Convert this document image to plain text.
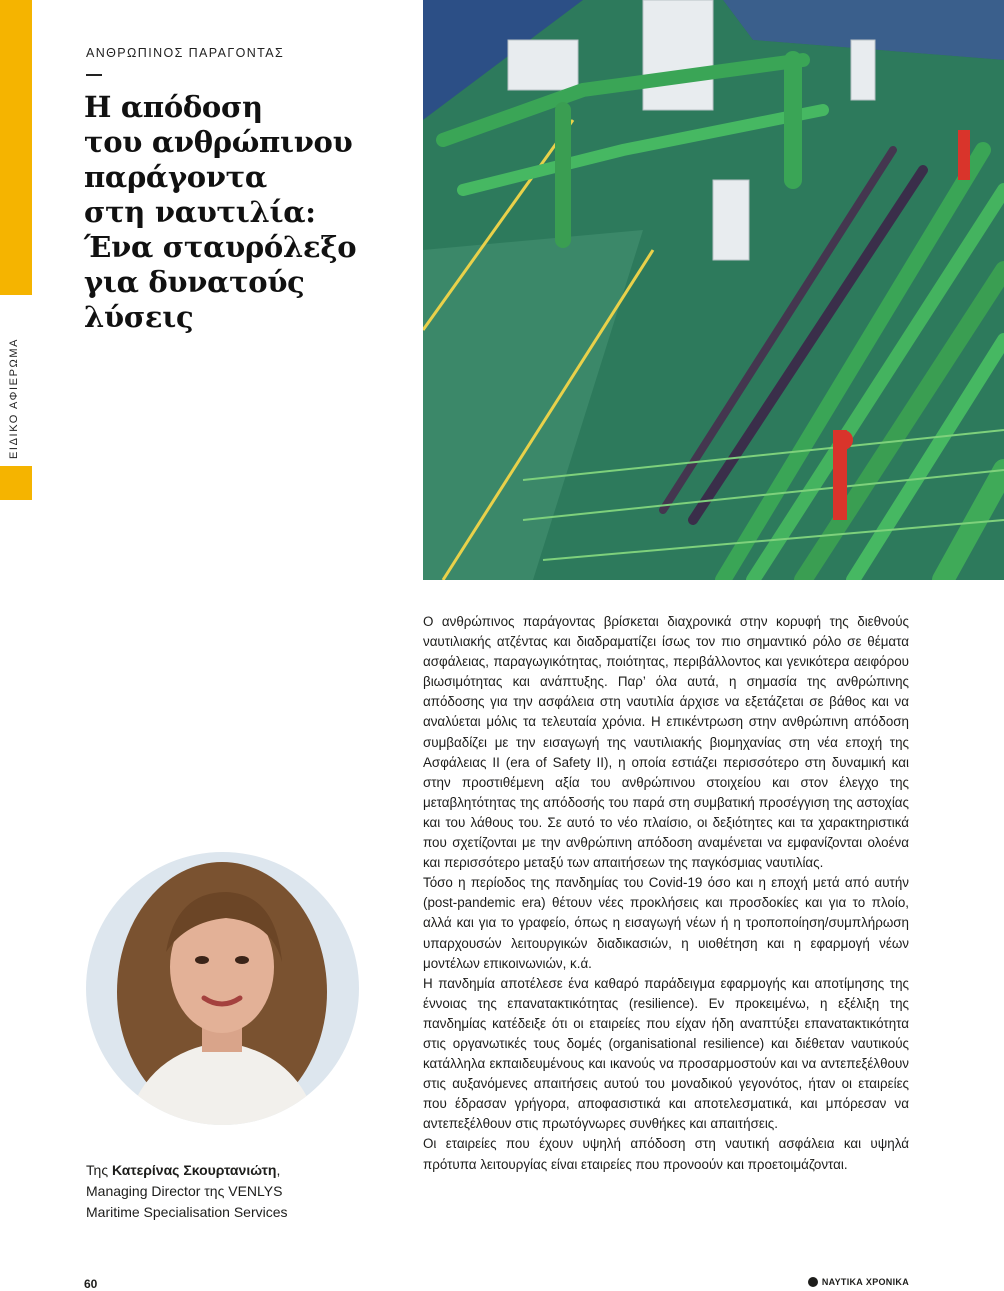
ΕΙΔΙΚΟ ΑΦΙΕΡΩΜΑ
ΑΝΘΡΩΠΙΝΟΣ ΠΑΡΑΓΟΝΤΑΣ
Η απόδοση
του ανθρώπινου
παράγοντα
στη ναυτιλία:
Ένα σταυρόλεξο
για δυνατούς λύσεις
Της Κατερίνας Σκουρτανιώτη,
Managing Director της VENLYS
Maritime Specialisation Services

Ο ανθρώπινος παράγοντας βρίσκεται διαχρονικά στην κορυφή της διεθνούς ναυτιλιακής ατζέντας και διαδραματίζει ίσως τον πιο σημαντικό ρόλο σε θέματα ασφάλειας, παραγωγικότητας, ποιότητας, περιβάλλοντος και γενικότερα αειφόρου βιωσιμότητας και ανάπτυξης. Παρ’ όλα αυτά, η σημασία της ανθρώπινης απόδοσης για την ασφάλεια στη ναυτιλία άρχισε να εξετάζεται σε βάθος και να αναλύεται μόλις τα τελευταία χρόνια. Η επικέντρωση στην ανθρώπινη απόδοση συμβαδίζει με την εισαγωγή της ναυτιλιακής βιομηχανίας στη νέα εποχή της Ασφάλειας ΙΙ (era of Safety II), η οποία εστιάζει περισσότερο στη δυναμική και στην προστιθέμενη αξία του ανθρώπινου στοιχείου και στον έλεγχο της μεταβλητότητας της απόδοσής του παρά στη συμβατική προσέγγιση της αστοχίας και του λάθους του. Σε αυτό το νέο πλαίσιο, οι δεξιότητες και τα χαρακτηριστικά που σχετίζονται με την ανθρώπινη απόδοση αναμένεται να εμφανίζονται ολοένα και περισσότερο μεταξύ των απαιτήσεων της παγκόσμιας ναυτιλίας.

Τόσο η περίοδος της πανδημίας του Covid-19 όσο και η εποχή μετά από αυτήν (post-pandemic era) θέτουν νέες προκλήσεις και προσδοκίες και για το πλοίο, αλλά και για το γραφείο, όπως η εισαγωγή νέων ή η τροποποίηση/συμπλήρωση υπαρχουσών λειτουργικών διαδικασιών, η υιοθέτηση και η εφαρμογή νέων μοντέλων επικοινωνιών, κ.ά.

Η πανδημία αποτέλεσε ένα καθαρό παράδειγμα εφαρμογής και αποτίμησης της έννοιας της επανατακτικότητας (resilience). Εν προκειμένω, η εξέλιξη της πανδημίας κατέδειξε ότι οι εταιρείες που είχαν ήδη αναπτύξει επανατακτικότητα στις οργανωτικές τους δομές (organisational resilience) και διέθεταν ναυτικούς κατάλληλα εκπαιδευμένους και ικανούς να προσαρμοστούν και να αντεπεξέλθουν στις αυξανόμενες απαιτήσεις αυτού του μοναδικού γεγονότος, ήταν οι εταιρείες που έδρασαν γρήγορα, αποφασιστικά και αποτελεσματικά, και μπόρεσαν να αντεπεξέλθουν στις πρωτόγνωρες συνθήκες και απαιτήσεις.

Οι εταιρείες που έχουν υψηλή απόδοση στη ναυτική ασφάλεια και υψηλά πρότυπα λειτουργίας είναι εταιρείες που προνοούν και προετοιμάζονται.

60	ΝΑΥΤΙΚΑ ΧΡΟΝΙΚΑ
